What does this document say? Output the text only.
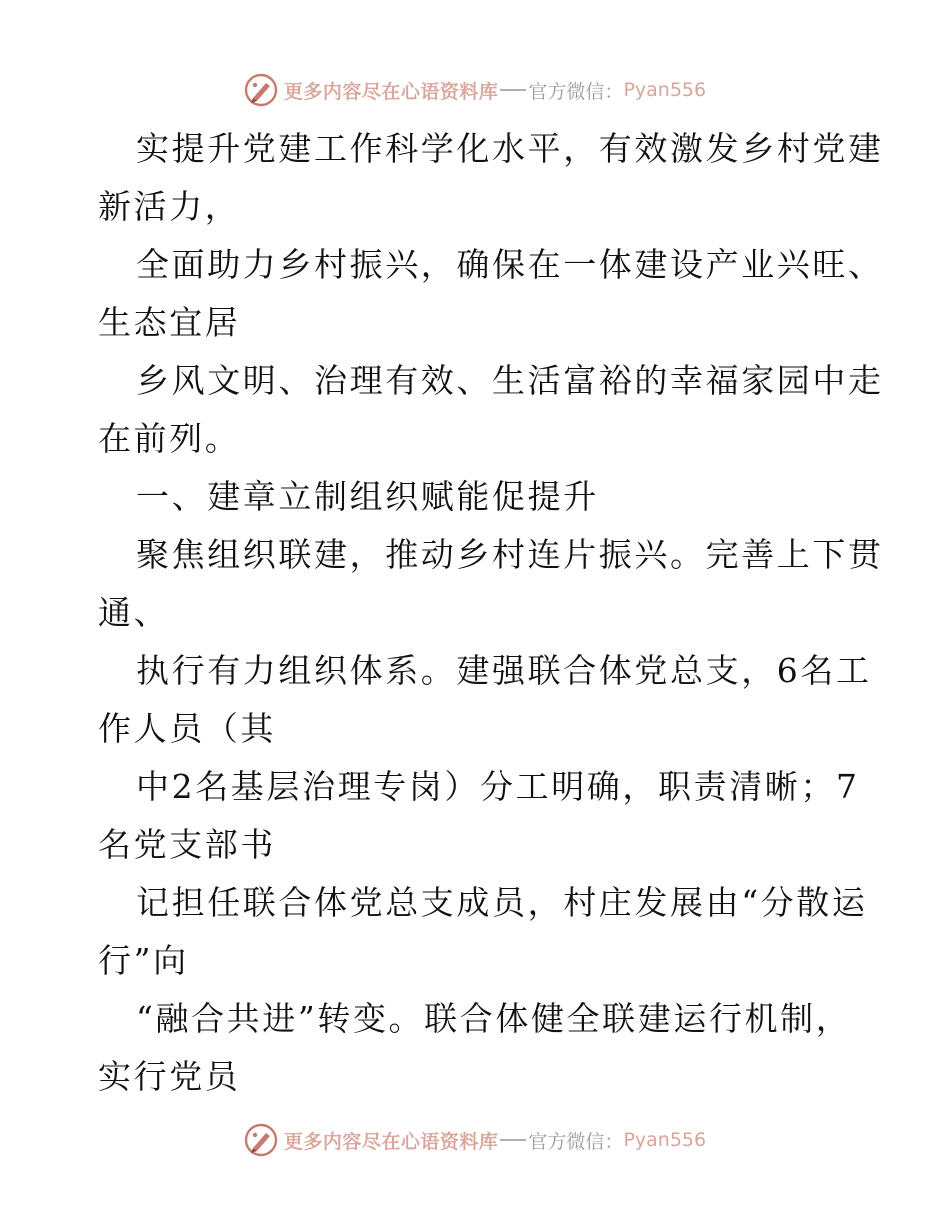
更多内容尽在心语资料库 官方微信： Pyan556
实提升党建工作科学化水平，有效激发乡村党建
新活力，
全面助力乡村振兴，确保在一体建设产业兴旺、
生态宜居
乡风文明、治理有效、生活富裕的幸福家园中走
在前列。
一、建章立制组织赋能促提升
聚焦组织联建，推动乡村连片振兴。完善上下贯
通、
执行有力组织体系。建强联合体党总支，6名工
作人员（其
中2名基层治理专岗）分工明确，职责清晰；7
名党支部书
记担任联合体党总支成员，村庄发展由“分散运
行”向
“融合共进”转变。联合体健全联建运行机制，
实行党员
更多内容尽在心语资料库 官方微信： Pyan556
